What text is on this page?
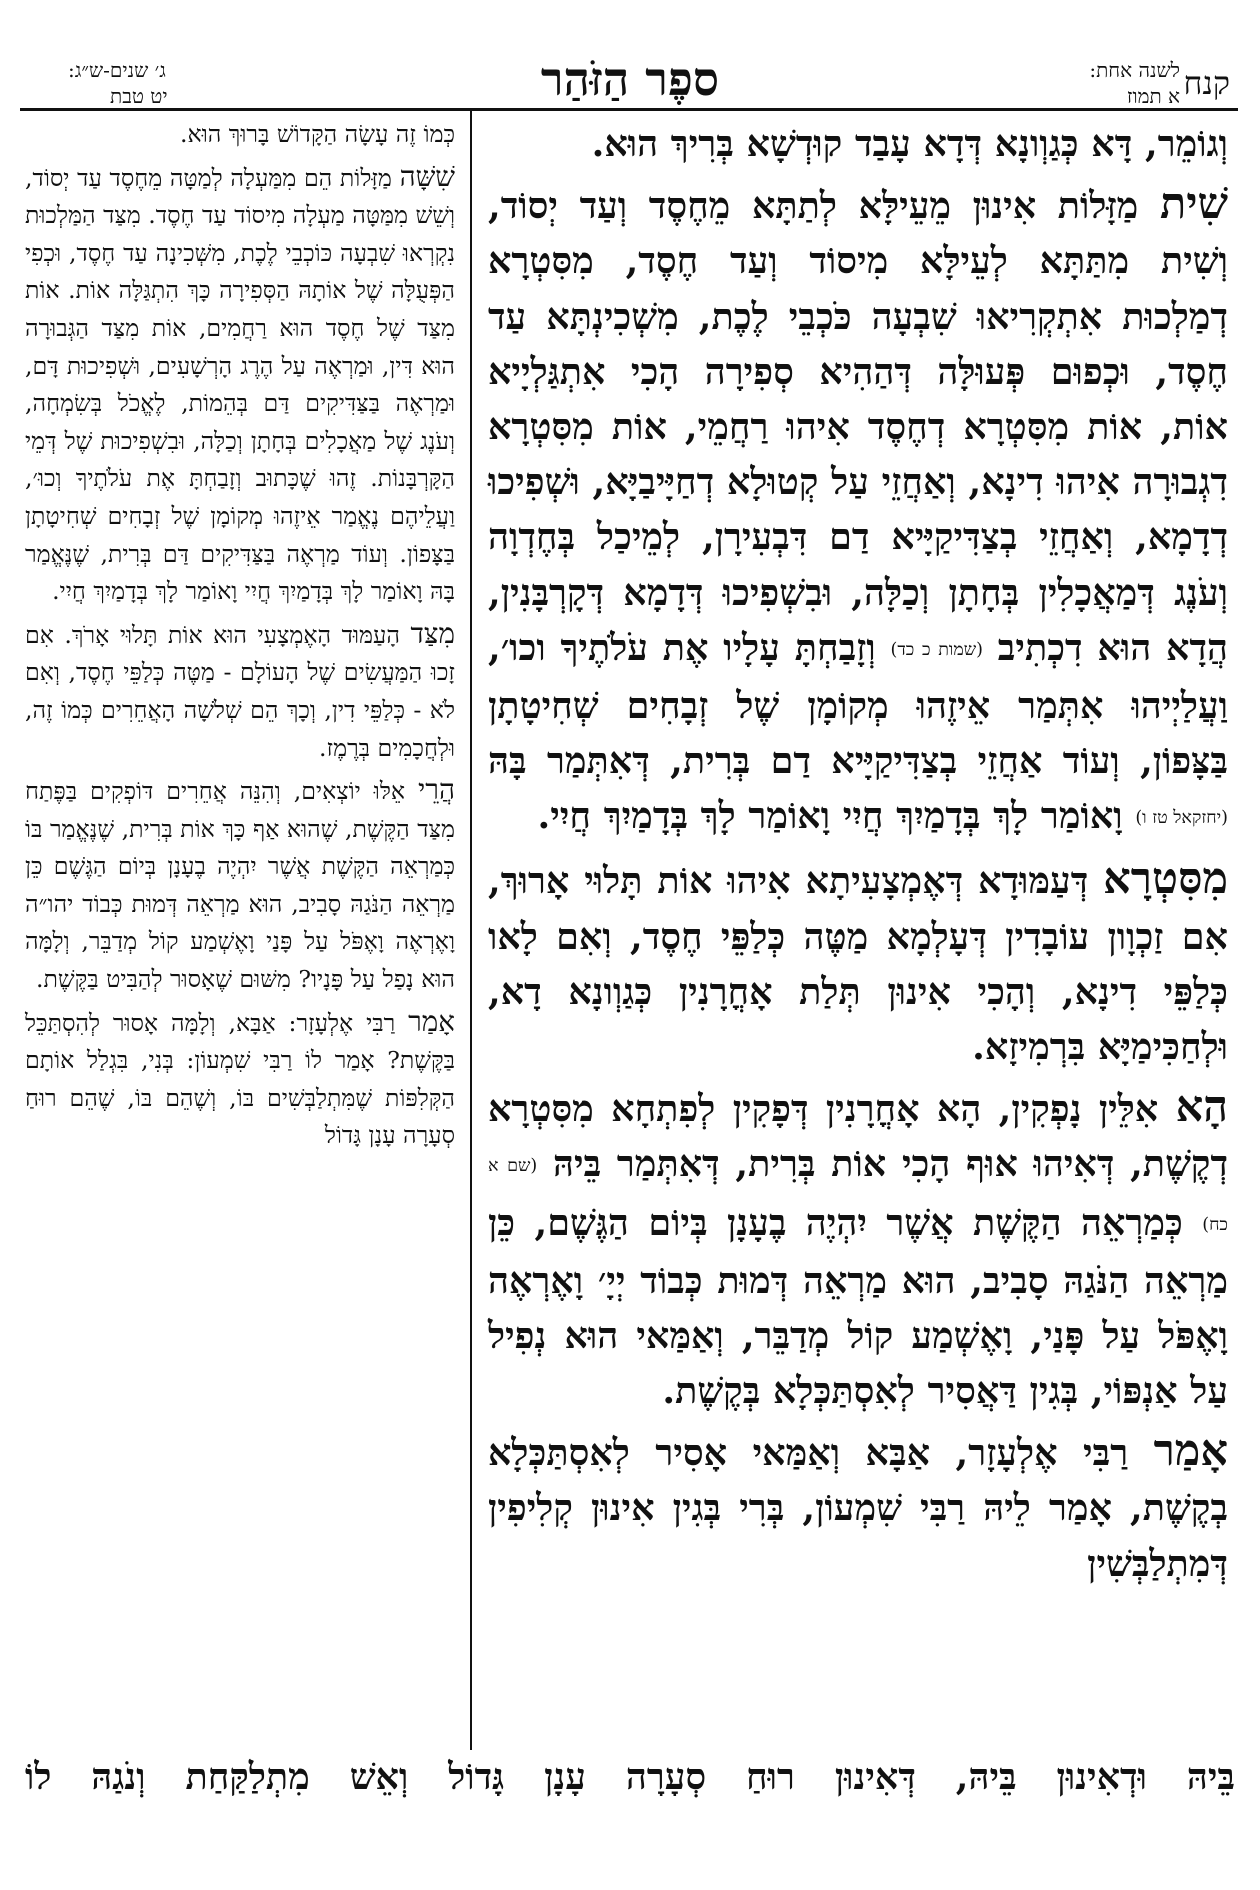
לשנה אחת:
א תמוז קנח
ספֶר הַזֹּהַר
ג׳ שנים-ש״ג:
יט טבת

וְגוֹמֵר, דָּא כְּגַוְונָא דְּדָא עָבַד קוּדְשָׁא בְּרִיךְ הוּא.

שִׁית מַזָּלוֹת אִינוּן מֵעֵילָּא לְתַתָּא מֵחֶסֶד וְעַד יְסוֹד, וְשִׁית מִתַּתָּא לְעֵילָּא מִיסוֹד וְעַד חֶסֶד, מִסִּטְרָא דְמַלְכוּת אִתְקְרִיאוּ שִׁבְעָה כֹּכְבֵי לֶכֶת, מִשְׁכִינְתָּא עַד חֶסֶד, וּכְפוּם פְּעוּלָּה דְּהַהִיא סְפִירָה הָכִי אִתְגַּלְיָיא אוֹת, אוֹת מִסִּטְרָא דְחֶסֶד אִיהוּ רַחֲמֵי, אוֹת מִסִּטְרָא דִגְבוּרָה אִיהוּ דִינָא, וְאַחֲזֵי עַל קְטוּלָא דְחַיָּיבַיָּא, וּשְׁפִיכוּ דְדָמָא, וְאַחֲזֵי בְצַדִּיקַיָּיא דַם דִּבְעִירָן, לְמֵיכַל בְּחֶדְוָה וְעֹנֶג דְּמַאֲכָלִין בְּחָתָן וְכַלָּה, וּבִשְׁפִיכוּ דְּדָמָא דְּקָרְבָּנִין, הֲדָא הוּא דִכְתִיב (שמות כ כד) וְזָבַחְתָּ עָלָיו אֶת עֹלֹתֶיךָ וכו׳, וַעֲלַיְיהוּ אִתְּמַר אֵיזֶהוּ מְקוֹמָן שֶׁל זְבָחִים שְׁחִיטָתָן בַּצָּפוֹן, וְעוֹד אַחֲזֵי בְצַדִּיקַיָּיא דַם בְּרִית, דְּאִתְּמַר בָּהּ (יחזקאל טז ו) וָאוֹמַר לָךְ בְּדָמַיִךְ חֲיִי וָאוֹמַר לָךְ בְּדָמַיִךְ חֲיִי.

מִסִּטְרָא דְּעַמּוּדָא דְּאֶמְצָעִיתָא אִיהוּ אוֹת תָּלוּי אָרוּךְ, אִם זַכְוָון עוֹבָדִין דְּעָלְמָא מַטֶּה כְּלַפֵּי חֶסֶד, וְאִם לָאו כְּלַפֵּי דִינָא, וְהָכִי אִינוּן תְּלַת אָחֳרָנִין כְּגַוְונָא דָא, וּלְחַכִּימַיָּא בִּרְמִיזָא.

הָא אִלֵּין נָפְקִין, הָא אָחֳרָנִין דְּפָקִין לְפִתְחָא מִסִּטְרָא דְקֶשֶׁת, דְּאִיהוּ אוּף הָכִי אוֹת בְּרִית, דְּאִתְּמַר בֵּיהּ (שם א כח) כְּמַרְאֵה הַקֶּשֶׁת אֲשֶׁר יִהְיֶה בֶעָנָן בְּיוֹם הַגֶּשֶׁם, כֵּן מַרְאֵה הַנֹּגַהּ סָבִיב, הוּא מַרְאֵה דְּמוּת כְּבוֹד יְיָ׳ וָאֶרְאֶה וָאֶפֹּל עַל פָּנַי, וָאֶשְׁמַע קוֹל מְדַבֵּר, וְאַמַּאי הוּא נְפִיל עַל אַנְפּוֹי, בְּגִין דַּאֲסִיר לְאִסְתַּכְּלָא בְּקֶשֶׁת.

אָמַר רַבִּי אֶלְעָזָר, אַבָּא וְאַמַּאי אָסִיר לְאִסְתַּכְּלָא בְקֶשֶׁת, אָמַר לֵיהּ רַבִּי שִׁמְעוֹן, בְּרִי בְּגִין אִינוּן קְלִיפִין דְּמִתְלַבְּשִׁין

כְּמוֹ זֶה עָשָׂה הַקָּדוֹשׁ בָּרוּךְ הוּא.

שִׁשָּׁה מַזָּלוֹת הֵם מִמַּעְלָה לְמַטָּה מֵחֶסֶד עַד יְסוֹד, וְשֵׁשׁ מִמַּטָּה מַעְלָה מִיסוֹד עַד חֶסֶד. מִצַּד הַמַּלְכוּת נִקְרְאוּ שִׁבְעָה כּוֹכְבֵי לֶכֶת, מִשְּׁכִינָה עַד חֶסֶד, וּכְפִי הַפְּעֻלָּה שֶׁל אוֹתָהּ הַסְּפִירָה כָּךְ הִתְגַּלָּה אוֹת. אוֹת מִצַּד שֶׁל חֶסֶד הוּא רַחֲמִים, אוֹת מִצַּד הַגְּבוּרָה הוּא דִּין, וּמַרְאֶה עַל הֶרֶג הָרְשָׁעִים, וּשְׁפִיכוּת דָּם, וּמַרְאֶה בַּצַּדִּיקִים דַּם בְּהֵמוֹת, לֶאֱכֹל בְּשִׂמְחָה, וְעֹנֶג שֶׁל מַאֲכָלִים בְּחָתָן וְכַלָּה, וּבִשְׁפִיכוּת שֶׁל דְּמֵי הַקָּרְבָּנוֹת. זֶהוּ שֶׁכָּתוּב וְזָבַחְתָּ אֶת עֹלֹתֶיךָ וְכוּ׳, וַעֲלֵיהֶם נֶאֱמַר אֵיזֶהוּ מְקוֹמָן שֶׁל זְבָחִים שְׁחִיטָתָן בַּצָּפוֹן. וְעוֹד מַרְאֶה בַּצַּדִּיקִים דַּם בְּרִית, שֶׁנֶּאֱמַר בָּהּ וָאוֹמַר לָךְ בְּדָמַיִךְ חֲיִי וָאוֹמַר לָךְ בְּדָמַיִךְ חֲיִי.

מִצַּד הָעַמּוּד הָאֶמְצָעִי הוּא אוֹת תָּלוּי אָרֹךְ. אִם זָכוּ הַמַּעֲשִׂים שֶׁל הָעוֹלָם - מַטֶּה כְּלַפֵּי חֶסֶד, וְאִם לֹא - כְּלַפֵּי דִין, וְכָךְ הֵם שְׁלֹשָׁה הָאֲחֵרִים כְּמוֹ זֶה, וּלְחֲכָמִים בְּרֶמֶז.

הֲרֵי אֵלּוּ יוֹצְאִים, וְהִנֵּה אֲחֵרִים דּוֹפְקִים בַּפֶּתַח מִצַּד הַקֶּשֶׁת, שֶׁהוּא אַף כָּךְ אוֹת בְּרִית, שֶׁנֶּאֱמַר בּוֹ כְּמַרְאֵה הַקֶּשֶׁת אֲשֶׁר יִהְיֶה בֶעָנָן בְּיוֹם הַגֶּשֶׁם כֵּן מַרְאֵה הַנֹּגַהּ סָבִיב, הוּא מַרְאֵה דְּמוּת כְּבוֹד יהו״ה וָאֶרְאֶה וָאֶפֹּל עַל פָּנַי וָאֶשְׁמַע קוֹל מְדַבֵּר, וְלָמָּה הוּא נָפַל עַל פָּנָיו? מִשּׁוּם שֶׁאָסוּר לְהַבִּיט בַּקֶּשֶׁת.

אָמַר רַבִּי אֶלְעָזָר: אַבָּא, וְלָמָּה אָסוּר לְהִסְתַּכֵּל בַּקֶּשֶׁת? אָמַר לוֹ רַבִּי שִׁמְעוֹן: בְּנִי, בִּגְלַל אוֹתָם הַקְּלִפּוֹת שֶׁמִּתְלַבְּשִׁים בּוֹ, וְשֶׁהֵם בּוֹ, שֶׁהֵם רוּחַ סְעָרָה עָנָן גָּדוֹל

בֵּיהּ וּדְאִינוּן בֵּיהּ, דְּאִינוּן רוּחַ סְעָרָה עָנָן גָּדוֹל וְאֵשׁ מִתְלַקַּחַת וְנֹגַהּ לוֹ
